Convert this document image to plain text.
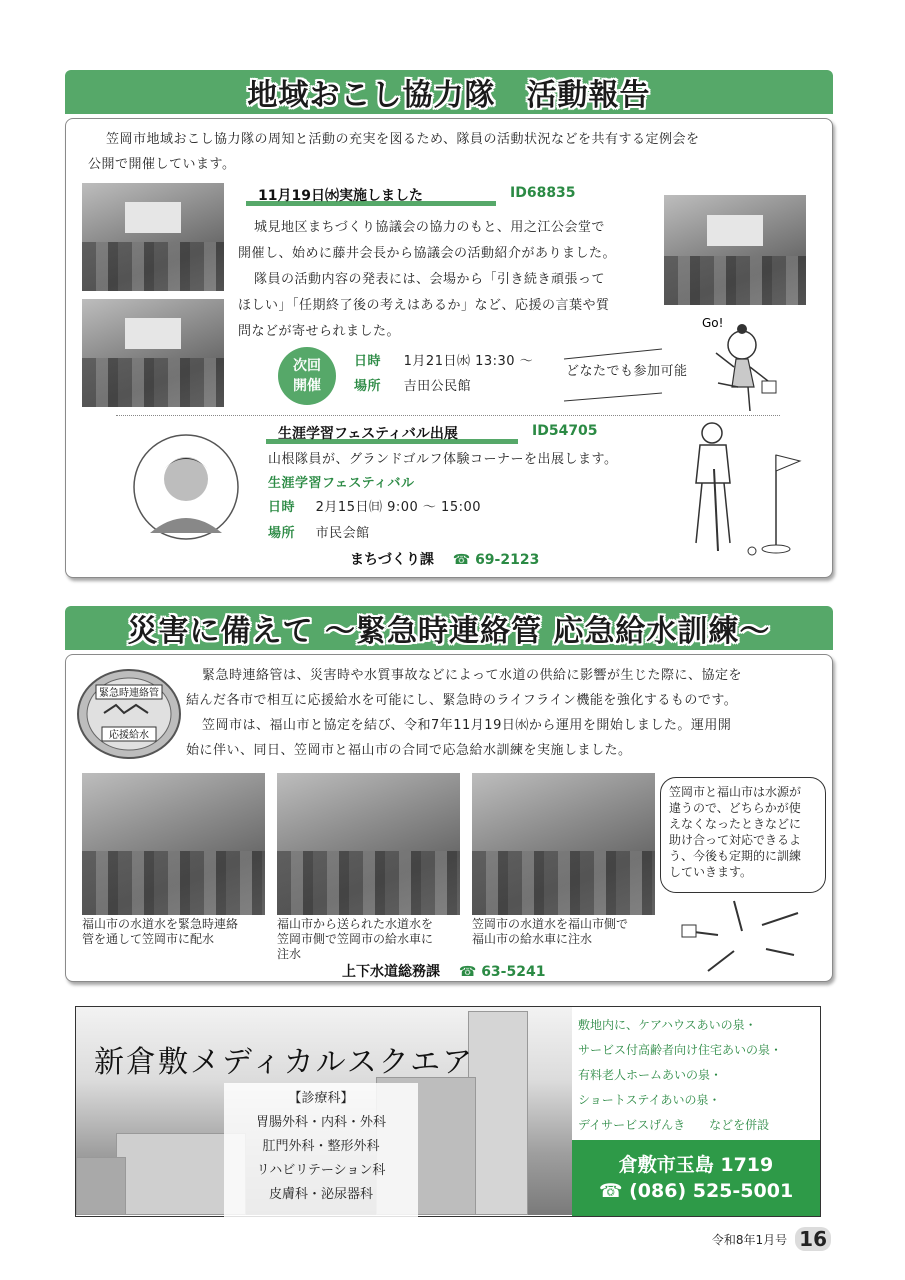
地域おこし協力隊　活動報告
笠岡市地域おこし協力隊の周知と活動の充実を図るため、隊員の活動状況などを共有する定例会を
公開で開催しています。
11月19日㈬実施しました	ID68835
城見地区まちづくり協議会の協力のもと、用之江公会堂で
開催し、始めに藤井会長から協議会の活動紹介がありました。
隊員の活動内容の発表には、会場から「引き続き頑張って
ほしい」「任期終了後の考えはあるか」など、応援の言葉や質
問などが寄せられました。
次回
開催
日時 1月21日㈬ 13:30 ～
場所 吉田公民館
どなたでも参加可能
Go!
生涯学習フェスティバル出展	ID54705
山根隊員が、グランドゴルフ体験コーナーを出展します。
生涯学習フェスティバル
日時 2月15日㈰ 9:00 ～ 15:00
場所 市民会館
まちづくり課 ☎ 69-2123
災害に備えて ～緊急時連絡管 応急給水訓練～
緊急時連絡管
応援給水
緊急時連絡管は、災害時や水質事故などによって水道の供給に影響が生じた際に、協定を
結んだ各市で相互に応援給水を可能にし、緊急時のライフライン機能を強化するものです。
笠岡市は、福山市と協定を結び、令和7年11月19日㈬から運用を開始しました。運用開
始に伴い、同日、笠岡市と福山市の合同で応急給水訓練を実施しました。
福山市の水道水を緊急時連絡
管を通して笠岡市に配水
福山市から送られた水道水を
笠岡市側で笠岡市の給水車に
注水
笠岡市の水道水を福山市側で
福山市の給水車に注水
笠岡市と福山市は水源が
違うので、どちらかが使
えなくなったときなどに
助け合って対応できるよ
う、今後も定期的に訓練
していきます。
上下水道総務課 ☎ 63-5241
新倉敷メディカルスクエア
【診療科】
胃腸外科・内科・外科
肛門外科・整形外科
リハビリテーション科
皮膚科・泌尿器科
敷地内に、ケアハウスあいの泉・
サービス付高齢者向け住宅あいの泉・
有料老人ホームあいの泉・
ショートステイあいの泉・
デイサービスげんき　　などを併設
倉敷市玉島 1719
☎ (086) 525-5001
令和8年1月号 16
